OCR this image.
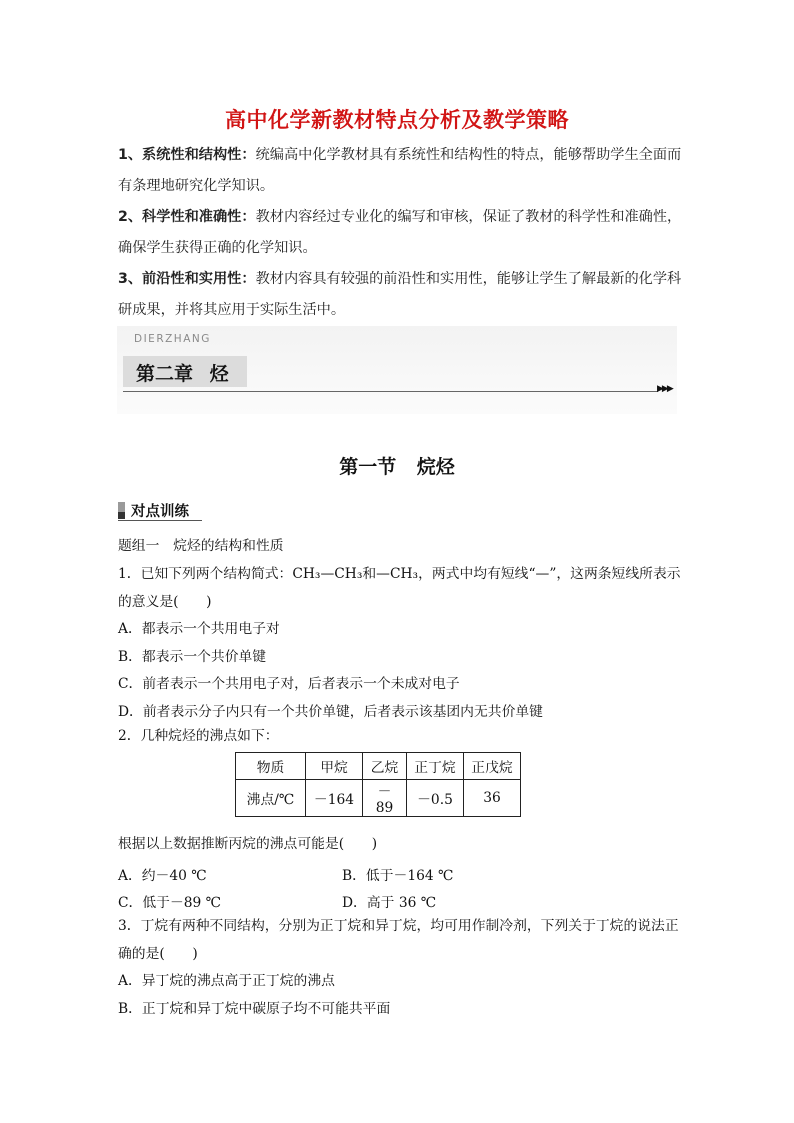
高中化学新教材特点分析及教学策略
1、系统性和结构性：统编高中化学教材具有系统性和结构性的特点，能够帮助学生全面而
有条理地研究化学知识。
2、科学性和准确性：教材内容经过专业化的编写和审核，保证了教材的科学性和准确性，
确保学生获得正确的化学知识。
3、前沿性和实用性：教材内容具有较强的前沿性和实用性，能够让学生了解最新的化学科
研成果，并将其应用于实际生活中。
DIERZHANG
第二章 烃
▶▶▶
第一节 烷烃
对点训练
题组一　烷烃的结构和性质
1．已知下列两个结构简式：CH₃—CH₃和—CH₃，两式中均有短线“—”，这两条短线所表示
的意义是(　　)
A．都表示一个共用电子对
B．都表示一个共价单键
C．前者表示一个共用电子对，后者表示一个未成对电子
D．前者表示分子内只有一个共价单键，后者表示该基团内无共价单键
2．几种烷烃的沸点如下：
物质	甲烷	乙烷	正丁烷	正戊烷
沸点/℃	－164	－89	－0.5	36
根据以上数据推断丙烷的沸点可能是(　　)
A．约－40 ℃	B．低于－164 ℃
C．低于－89 ℃	D．高于 36 ℃
3．丁烷有两种不同结构，分别为正丁烷和异丁烷，均可用作制冷剂，下列关于丁烷的说法正
确的是(　　)
A．异丁烷的沸点高于正丁烷的沸点
B．正丁烷和异丁烷中碳原子均不可能共平面
